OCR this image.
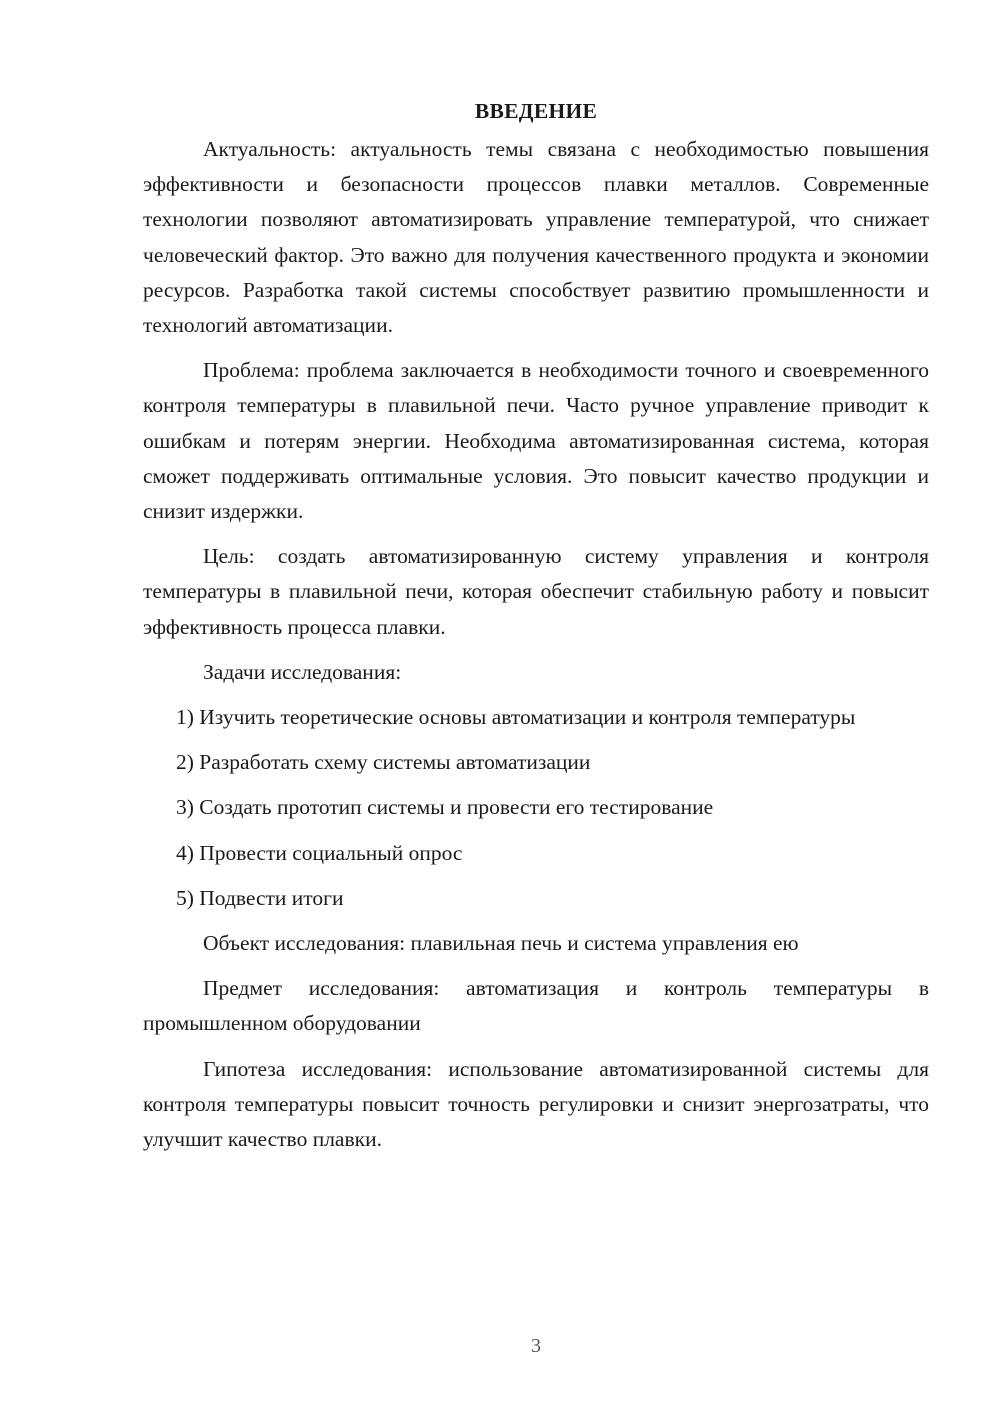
ВВЕДЕНИЕ

Актуальность: актуальность темы связана с необходимостью повышения эффективности и безопасности процессов плавки металлов. Современные технологии позволяют автоматизировать управление температурой, что снижает человеческий фактор. Это важно для получения качественного продукта и экономии ресурсов. Разработка такой системы способствует развитию промышленности и технологий автоматизации.

Проблема: проблема заключается в необходимости точного и своевременного контроля температуры в плавильной печи. Часто ручное управление приводит к ошибкам и потерям энергии. Необходима автоматизированная система, которая сможет поддерживать оптимальные условия. Это повысит качество продукции и снизит издержки.

Цель: создать автоматизированную систему управления и контроля температуры в плавильной печи, которая обеспечит стабильную работу и повысит эффективность процесса плавки.

Задачи исследования:

1) Изучить теоретические основы автоматизации и контроля температуры

2) Разработать схему системы автоматизации

3) Создать прототип системы и провести его тестирование

4) Провести социальный опрос

5) Подвести итоги

Объект исследования: плавильная печь и система управления ею

Предмет исследования: автоматизация и контроль температуры в промышленном оборудовании

Гипотеза исследования: использование автоматизированной системы для контроля температуры повысит точность регулировки и снизит энергозатраты, что улучшит качество плавки.

3
